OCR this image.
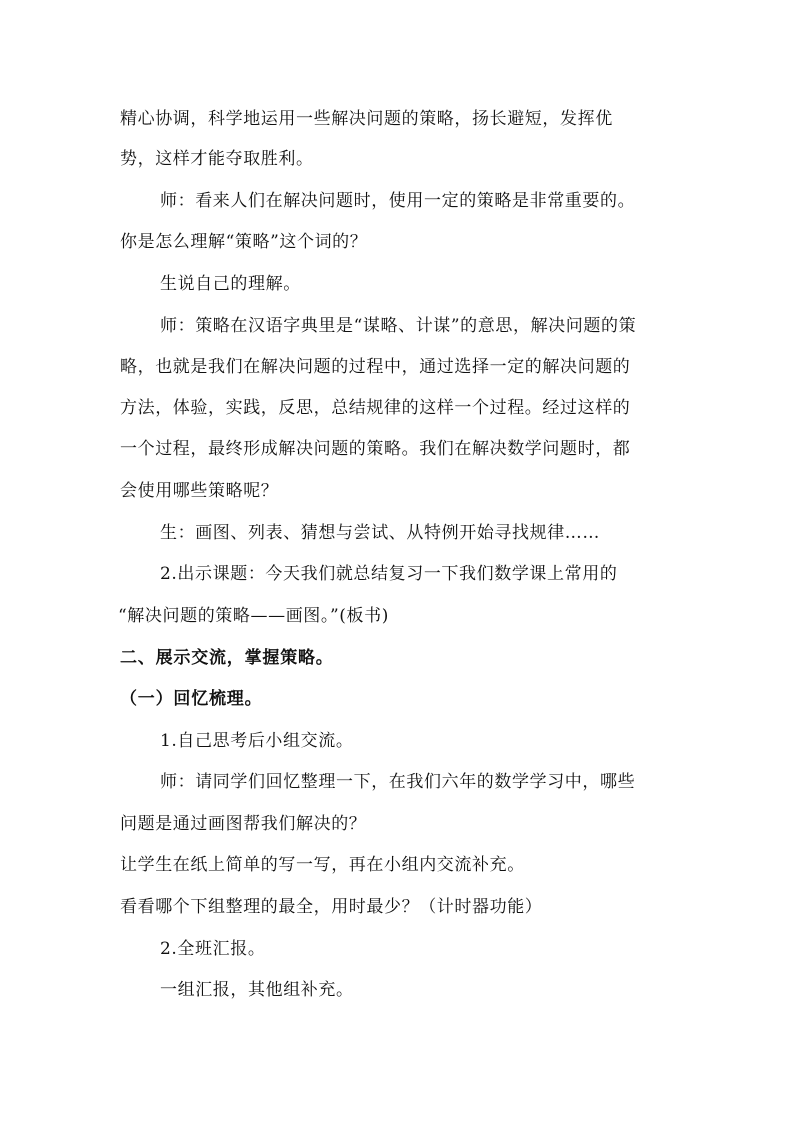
精心协调，科学地运用一些解决问题的策略，扬长避短，发挥优
势，这样才能夺取胜利。
师：看来人们在解决问题时，使用一定的策略是非常重要的。
你是怎么理解“策略”这个词的？
生说自己的理解。
师：策略在汉语字典里是“谋略、计谋”的意思，解决问题的策
略，也就是我们在解决问题的过程中，通过选择一定的解决问题的
方法，体验，实践，反思，总结规律的这样一个过程。经过这样的
一个过程，最终形成解决问题的策略。我们在解决数学问题时，都
会使用哪些策略呢？
生：画图、列表、猜想与尝试、从特例开始寻找规律……
2.出示课题：今天我们就总结复习一下我们数学课上常用的
“解决问题的策略——画图。”(板书)
二、展示交流，掌握策略。
（一）回忆梳理。
1.自己思考后小组交流。
师：请同学们回忆整理一下，在我们六年的数学学习中，哪些
问题是通过画图帮我们解决的？
让学生在纸上简单的写一写，再在小组内交流补充。
看看哪个下组整理的最全，用时最少？（计时器功能）
2.全班汇报。
一组汇报，其他组补充。
